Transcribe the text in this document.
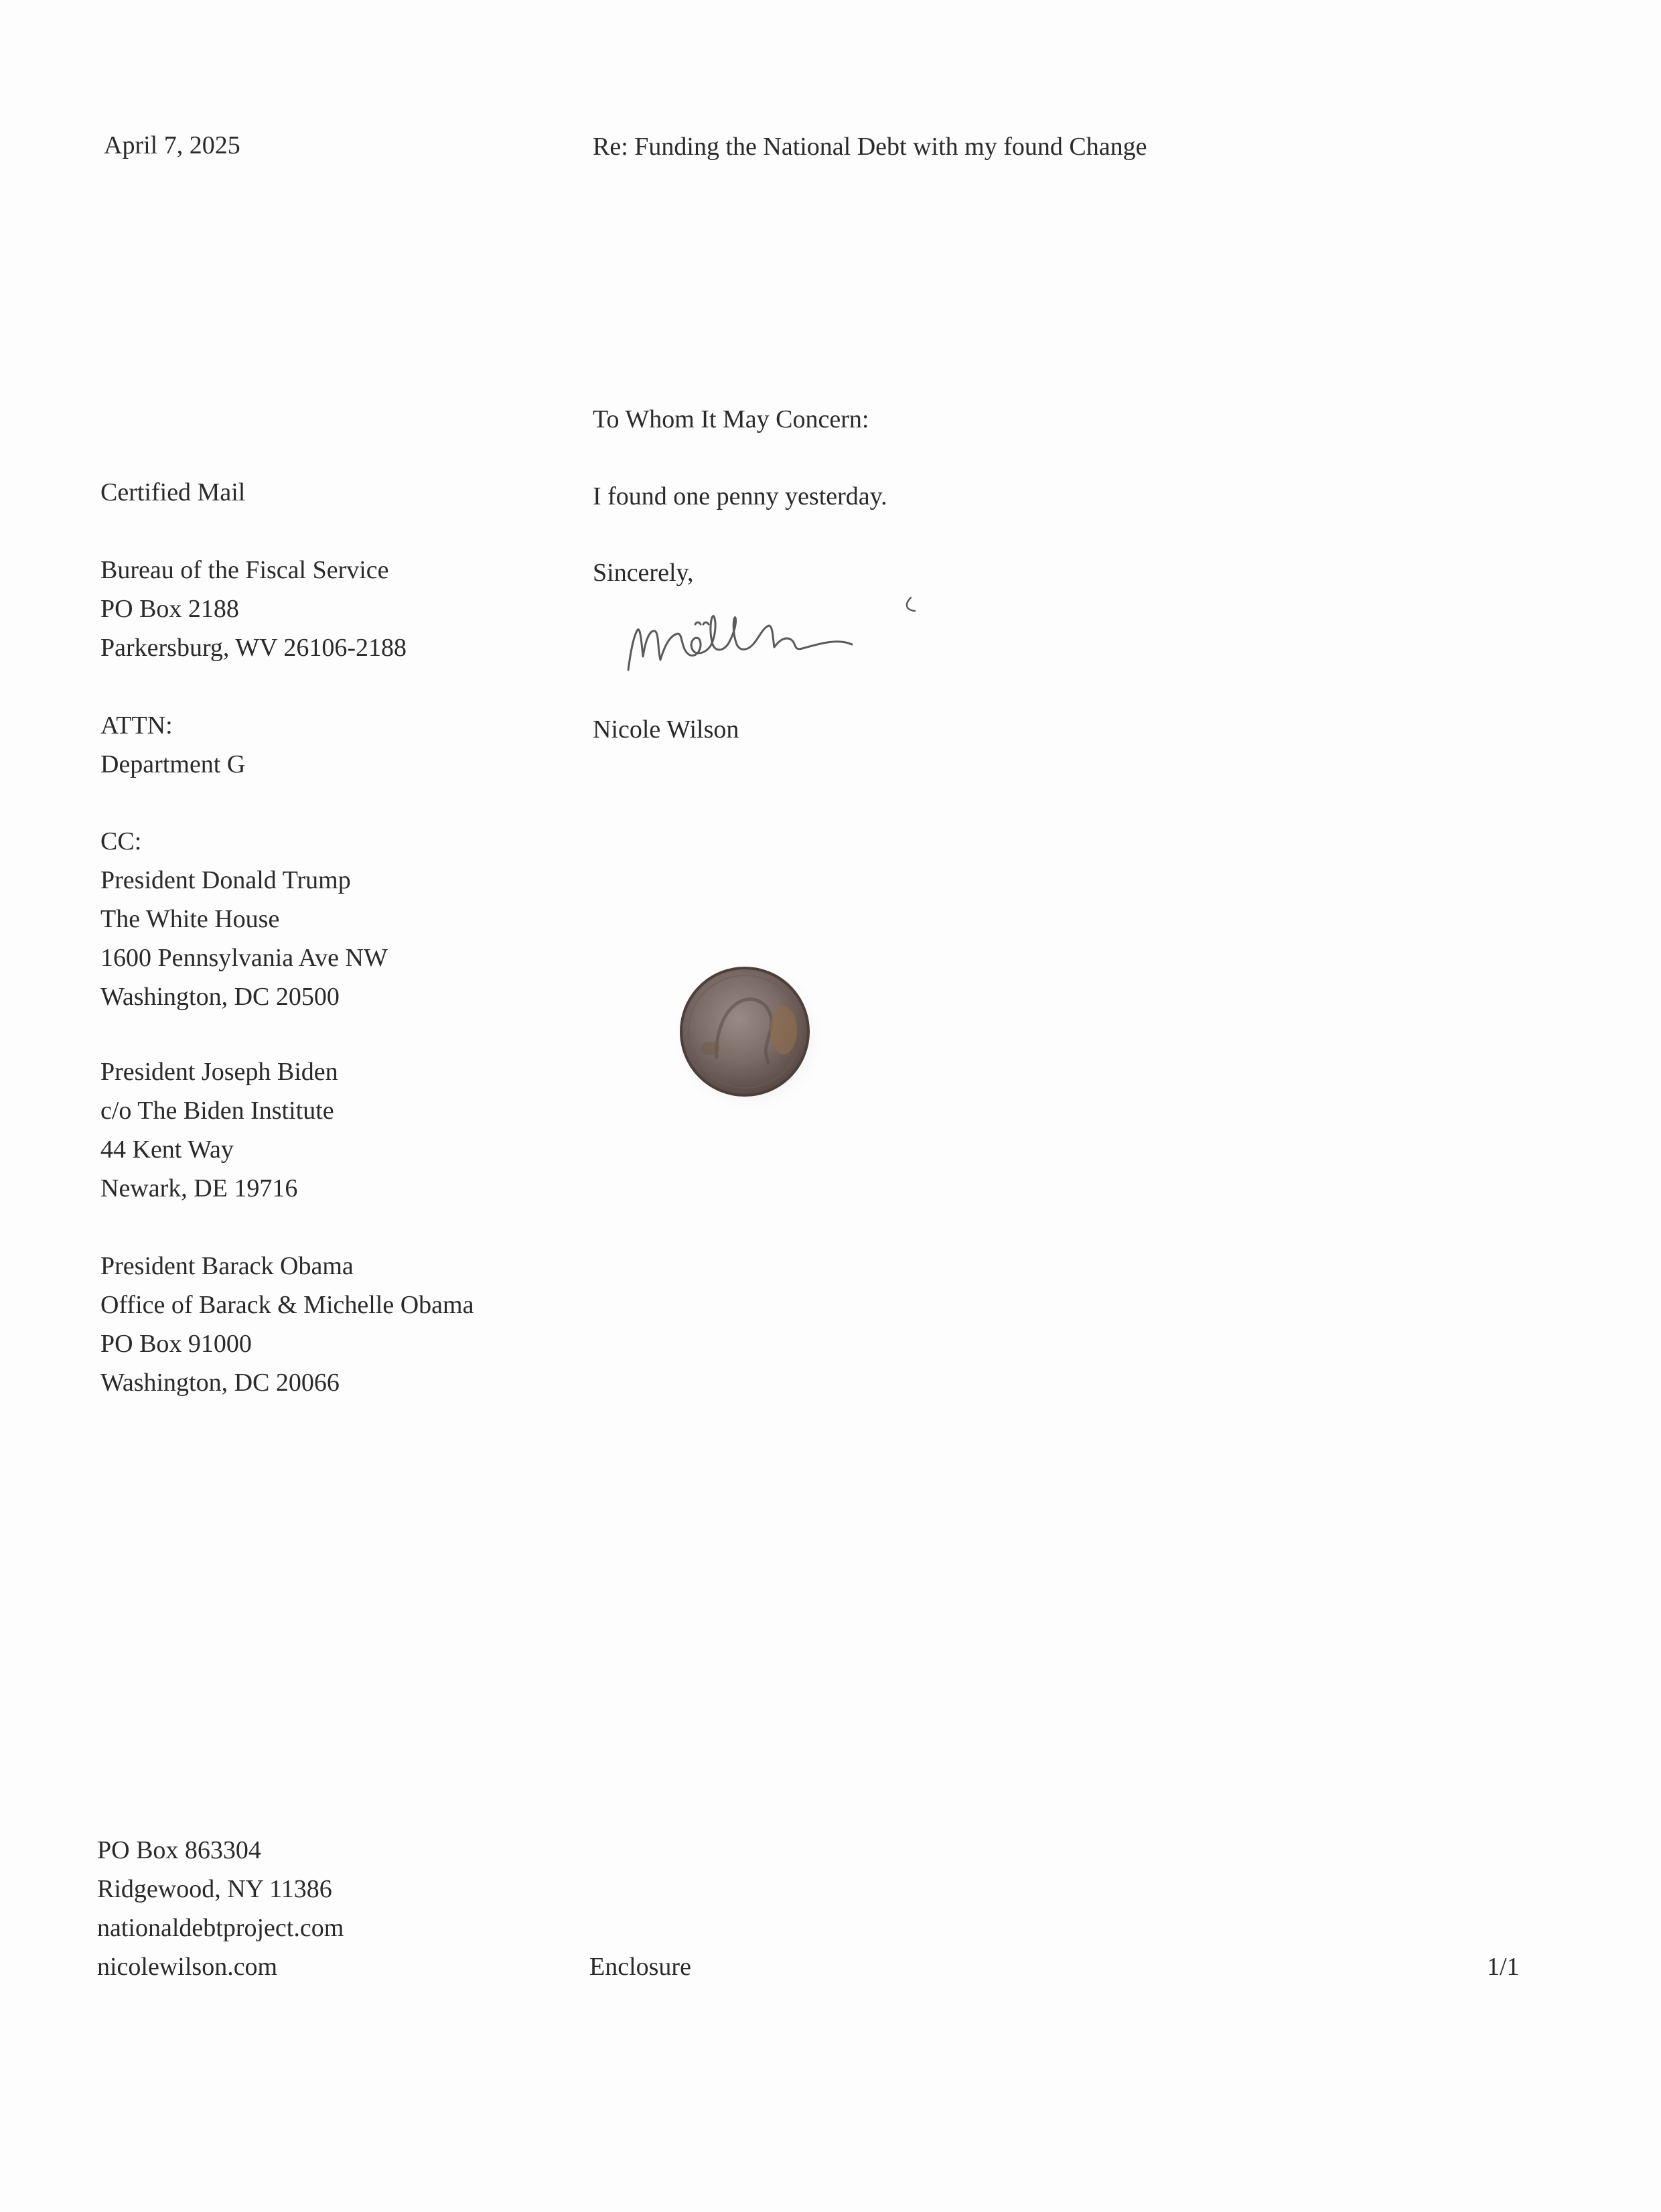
April 7, 2025	Re: Funding the National Debt with my found Change
To Whom It May Concern:
I found one penny yesterday.
Sincerely,
Nicole Wilson
Certified Mail
Bureau of the Fiscal Service
PO Box 2188
Parkersburg, WV 26106-2188
ATTN:
Department G
CC:
President Donald Trump
The White House
1600 Pennsylvania Ave NW
Washington, DC 20500
President Joseph Biden
c/o The Biden Institute
44 Kent Way
Newark, DE 19716
President Barack Obama
Office of Barack & Michelle Obama
PO Box 91000
Washington, DC 20066
PO Box 863304
Ridgewood, NY 11386
nationaldebtproject.com
nicolewilson.com	Enclosure	1/1
